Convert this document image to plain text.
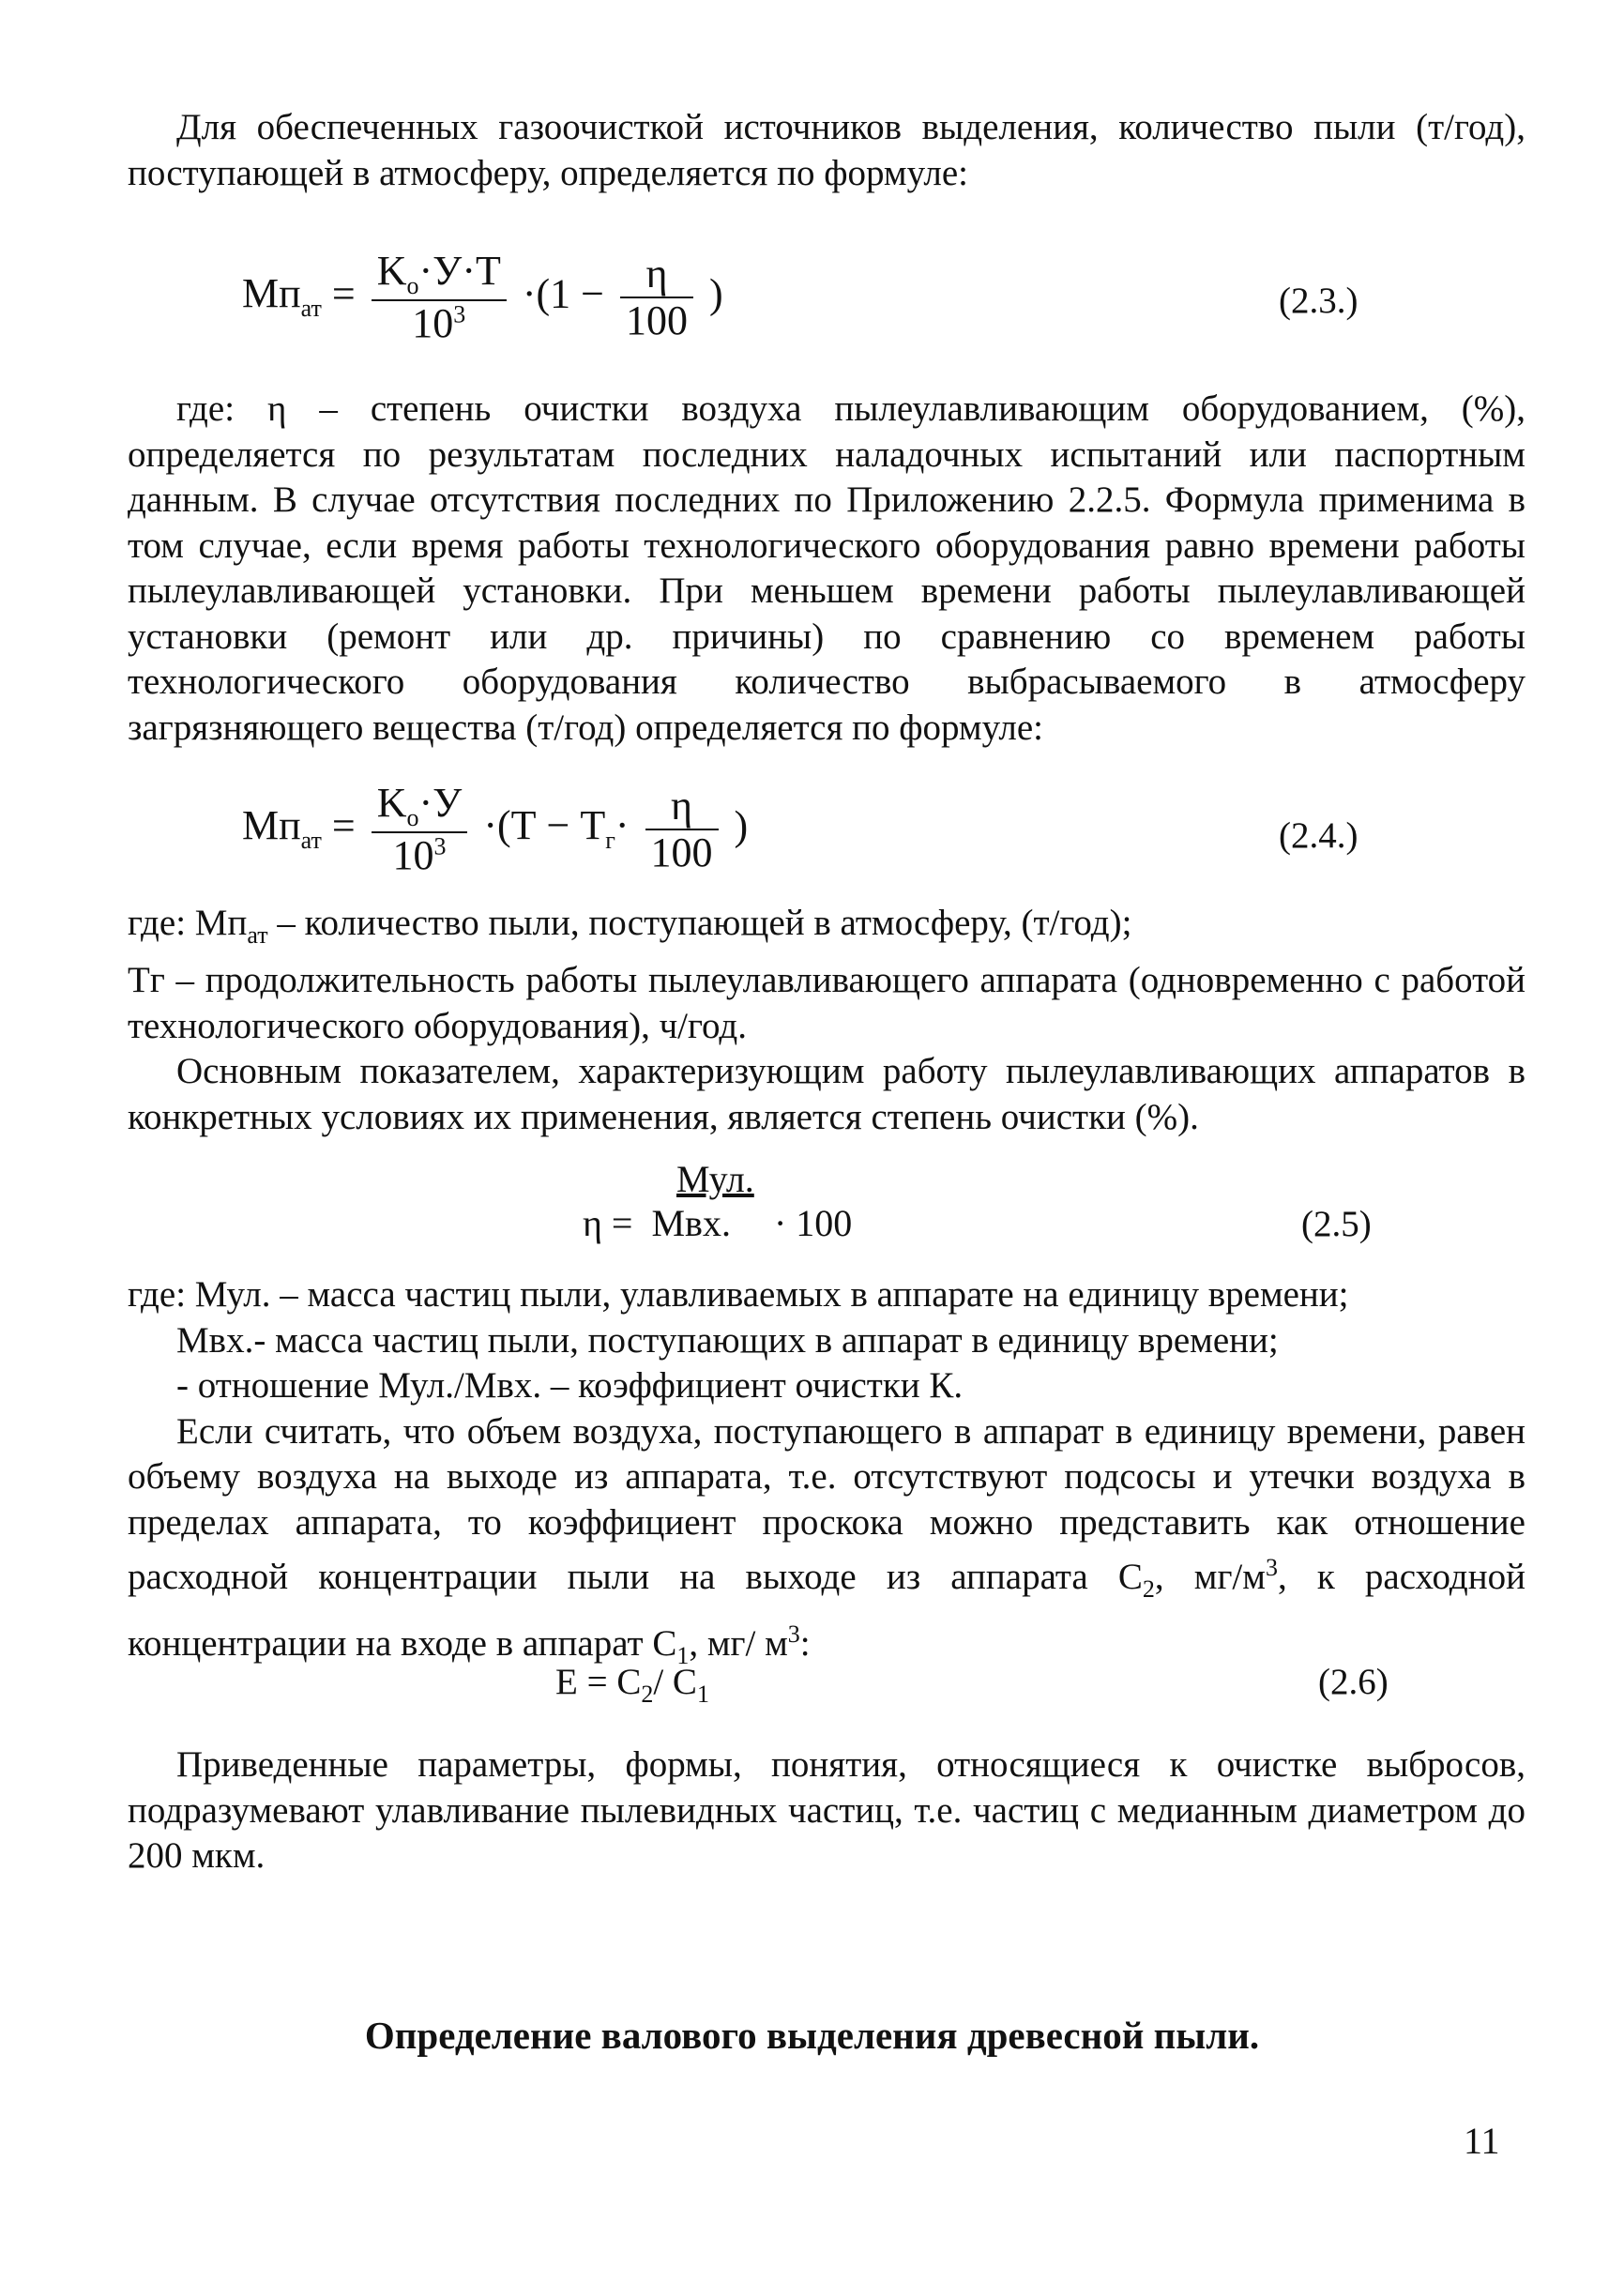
Для обеспеченных газоочисткой источников выделения, количество пыли (т/год), поступающей в атмосферу, определяется по формуле:

$Мп_{ат} = \frac{K_о\cdot У\cdot Т}{10^3} \cdot(1 - \frac{\eta}{100}$ )	(2.3.)

где: η – степень очистки воздуха пылеулавливающим оборудованием, (%), определяется по результатам последних наладочных испытаний или паспортным данным. В случае отсутствия последних по Приложению 2.2.5. Формула применима в том случае, если время работы технологического оборудования равно времени работы пылеулавливающей установки. При меньшем времени работы пылеулавливающей установки (ремонт или др. причины) по сравнению со временем работы технологического оборудования количество выбрасываемого в атмосферу загрязняющего вещества (т/год) определяется по формуле:

$Мп_{ат} = \frac{K_о\cdot У}{10^3} \cdot(Т - Т_г\cdot \frac{\eta}{100}$ )	(2.4.)

где: $Мп_{ат}$ – количество пыли, поступающей в атмосферу, (т/год);

Тг – продолжительность работы пылеулавливающего аппарата (одновременно с работой технологического оборудования), ч/год.

Основным показателем, характеризующим работу пылеулавливающих аппаратов в конкретных условиях их применения, является степень очистки (%).

Мул.
η = Мвх. · 100	(2.5)

где: Мул. – масса частиц пыли, улавливаемых в аппарате на единицу времени;

Мвх.- масса частиц пыли, поступающих в аппарат в единицу времени;

- отношение Мул./Мвх. – коэффициент очистки К.

Если считать, что объем воздуха, поступающего в аппарат в единицу времени, равен объему воздуха на выходе из аппарата, т.е. отсутствуют подсосы и утечки воздуха в пределах аппарата, то коэффициент проскока можно представить как отношение расходной концентрации пыли на выходе из аппарата $С_2$, $мг/м^3$, к расходной концентрации на входе в аппарат $С_1$, мг/ $м^3$:

$Е = С_2/$ $С_1$	(2.6)

Приведенные параметры, формы, понятия, относящиеся к очистке выбросов, подразумевают улавливание пылевидных частиц, т.е. частиц с медианным диаметром до 200 мкм.

Определение валового выделения древесной пыли.
11
